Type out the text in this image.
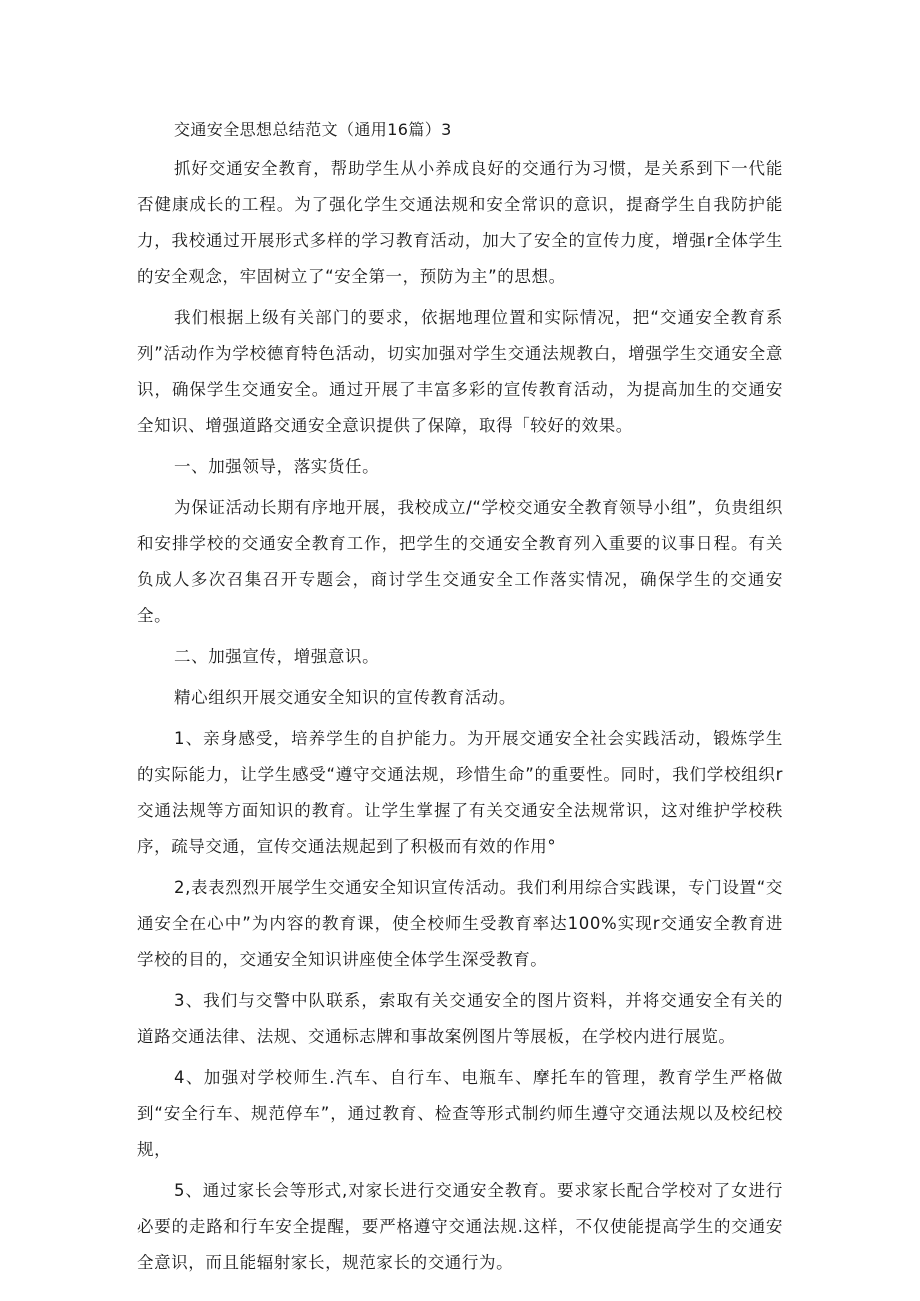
交通安全思想总结范文（通用16篇）3

抓好交通安全教育，帮助学生从小养成良好的交通行为习惯，是关系到下一代能否健康成长的工程。为了强化学生交通法规和安全常识的意识，提裔学生自我防护能力，我校通过开展形式多样的学习教育活动，加大了安全的宣传力度，增强r全体学生的安全观念，牢固树立了“安全第一，预防为主”的思想。

我们根据上级有关部门的要求，依据地理位置和实际情况，把“交通安全教育系列”活动作为学校德育特色活动，切实加强对学生交通法规教白，增强学生交通安全意识，确保学生交通安全。通过开展了丰富多彩的宣传教育活动，为提高加生的交通安全知识、增强道路交通安全意识提供了保障，取得「较好的效果。

一、加强领导，落实货任。

为保证活动长期有序地开展，我校成立/“学校交通安全教育领导小组”，负贵组织和安排学校的交通安全教育工作，把学生的交通安全教育列入重要的议事日程。有关负成人多次召集召开专题会，商讨学生交通安全工作落实情况，确保学生的交通安全。

二、加强宣传，增强意识。

精心组织开展交通安全知识的宣传教育活动。

1、亲身感受，培养学生的自护能力。为开展交通安全社会实践活动，锻炼学生的实际能力，让学生感受“遵守交通法规，珍惜生命”的重要性。同时，我们学校组织r交通法规等方面知识的教育。让学生掌握了有关交通安全法规常识，这对维护学校秩序，疏导交通，宣传交通法规起到了积极而有效的作用°

2,表表烈烈开展学生交通安全知识宣传活动。我们利用综合实践课，专门设置“交通安全在心中”为内容的教育课，使全校师生受教育率达100%实现r交通安全教育进学校的目的，交通安全知识讲座使全体学生深受教育。

3、我们与交警中队联系，索取有关交通安全的图片资料，并将交通安全有关的道路交通法律、法规、交通标志牌和事故案例图片等展板，在学校内进行展览。

4、加强对学校师生.汽车、自行车、电瓶车、摩托车的管理，教育学生严格做到“安全行车、规范停车”，通过教育、检查等形式制约师生遵守交通法规以及校纪校规，

5、通过家长会等形式,对家长进行交通安全教育。要求家长配合学校对了女进行必要的走路和行车安全提醒，要严格遵守交通法规.这样，不仅使能提高学生的交通安全意识，而且能辐射家长，规范家长的交通行为。
